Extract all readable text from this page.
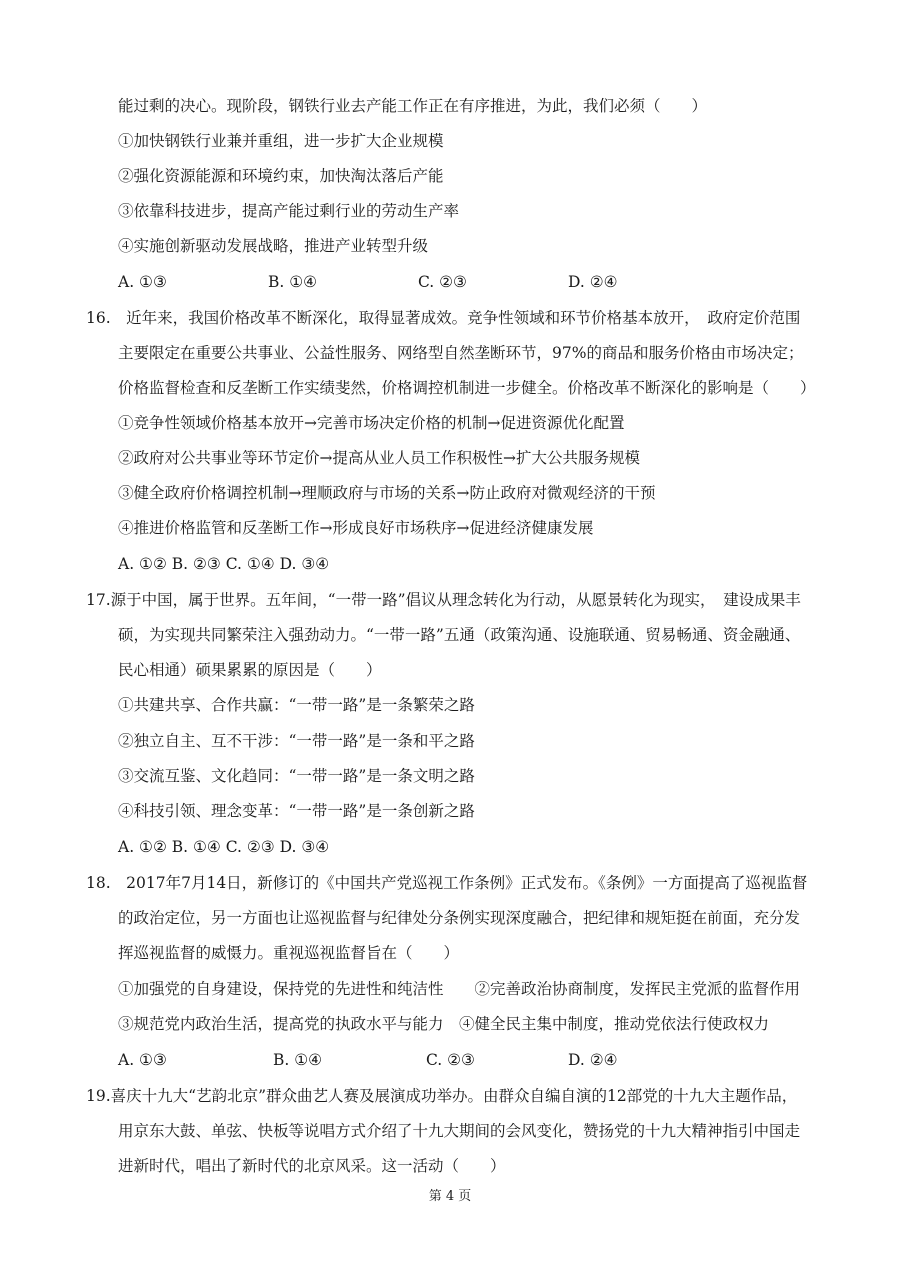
能过剩的决心。现阶段，钢铁行业去产能工作正在有序推进，为此，我们必须（　　）
①加快钢铁行业兼并重组，进一步扩大企业规模
②强化资源能源和环境约束，加快淘汰落后产能
③依靠科技进步，提高产能过剩行业的劳动生产率
④实施创新驱动发展战略，推进产业转型升级
A. ①③	B. ①④	C. ②③	D. ②④
16.　近年来，我国价格改革不断深化，取得显著成效。竞争性领域和环节价格基本放开，　政府定价范围
主要限定在重要公共事业、公益性服务、网络型自然垄断环节，97%的商品和服务价格由市场决定；
价格监督检查和反垄断工作实绩斐然，价格调控机制进一步健全。价格改革不断深化的影响是（　　）
①竞争性领域价格基本放开→完善市场决定价格的机制→促进资源优化配置
②政府对公共事业等环节定价→提高从业人员工作积极性→扩大公共服务规模
③健全政府价格调控机制→理顺政府与市场的关系→防止政府对微观经济的干预
④推进价格监管和反垄断工作→形成良好市场秩序→促进经济健康发展
A. ①② B. ②③ C. ①④ D. ③④
17.源于中国，属于世界。五年间，“一带一路”倡议从理念转化为行动，从愿景转化为现实，　建设成果丰
硕，为实现共同繁荣注入强劲动力。“一带一路”五通（政策沟通、设施联通、贸易畅通、资金融通、
民心相通）硕果累累的原因是（　　）
①共建共享、合作共赢：“一带一路”是一条繁荣之路
②独立自主、互不干涉：“一带一路”是一条和平之路
③交流互鉴、文化趋同：“一带一路”是一条文明之路
④科技引领、理念变革：“一带一路”是一条创新之路
A. ①② B. ①④ C. ②③ D. ③④
18.　2017年7月14日，新修订的《中国共产党巡视工作条例》正式发布。《条例》一方面提高了巡视监督
的政治定位，另一方面也让巡视监督与纪律处分条例实现深度融合，把纪律和规矩挺在前面，充分发
挥巡视监督的威慑力。重视巡视监督旨在（　　）
①加强党的自身建设，保持党的先进性和纯洁性　　②完善政治协商制度，发挥民主党派的监督作用
③规范党内政治生活，提高党的执政水平与能力　④健全民主集中制度，推动党依法行使政权力
A. ①③	B. ①④	C. ②③	D. ②④
19.喜庆十九大“艺韵北京”群众曲艺人赛及展演成功举办。由群众自编自演的12部党的十九大主题作品，
用京东大鼓、单弦、快板等说唱方式介绍了十九大期间的会风变化，赞扬党的十九大精神指引中国走
进新时代，唱出了新时代的北京风采。这一活动（　　）
第 4 页
